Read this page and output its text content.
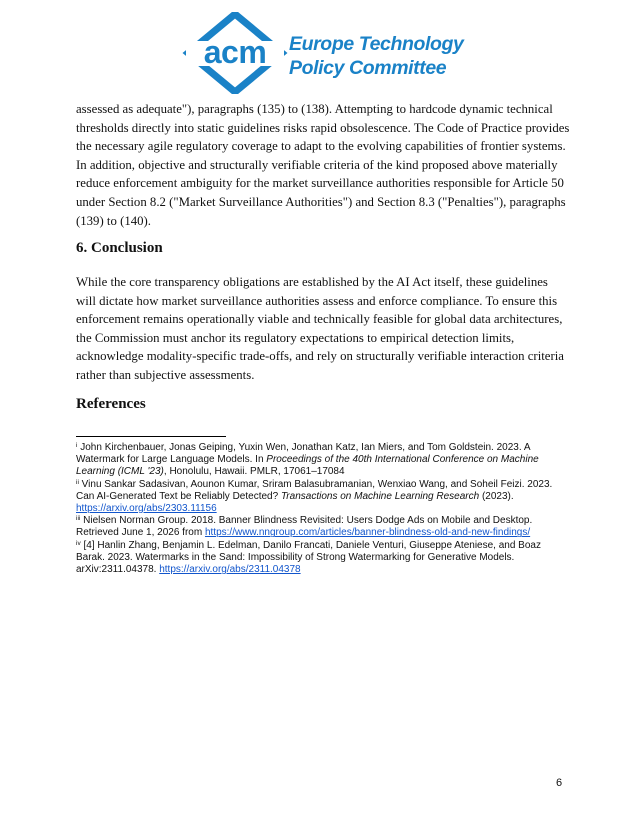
acm Europe Technology
Policy Committee

assessed as adequate"), paragraphs (135) to (138). Attempting to hardcode dynamic technical thresholds directly into static guidelines risks rapid obsolescence. The Code of Practice provides the necessary agile regulatory coverage to adapt to the evolving capabilities of frontier systems. In addition, objective and structurally verifiable criteria of the kind proposed above materially reduce enforcement ambiguity for the market surveillance authorities responsible for Article 50 under Section 8.2 ("Market Surveillance Authorities") and Section 8.3 ("Penalties"), paragraphs (139) to (140).

6. Conclusion

While the core transparency obligations are established by the AI Act itself, these guidelines will dictate how market surveillance authorities assess and enforce compliance. To ensure this enforcement remains operationally viable and technically feasible for global data architectures, the Commission must anchor its regulatory expectations to empirical detection limits, acknowledge modality-specific trade-offs, and rely on structurally verifiable interaction criteria rather than subjective assessments.

References

$^i$ John Kirchenbauer, Jonas Geiping, Yuxin Wen, Jonathan Katz, Ian Miers, and Tom Goldstein. 2023. A Watermark for Large Language Models. In Proceedings of the 40th International Conference on Machine Learning (ICML '23), Honolulu, Hawaii. PMLR, 17061–17084

$^{ii}$ Vinu Sankar Sadasivan, Aounon Kumar, Sriram Balasubramanian, Wenxiao Wang, and Soheil Feizi. 2023. Can AI-Generated Text be Reliably Detected? Transactions on Machine Learning Research (2023). https://arxiv.org/abs/2303.11156

$^{iii}$ Nielsen Norman Group. 2018. Banner Blindness Revisited: Users Dodge Ads on Mobile and Desktop. Retrieved June 1, 2026 from https://www.nngroup.com/articles/banner-blindness-old-and-new-findings/

$^{iv}$ [4] Hanlin Zhang, Benjamin L. Edelman, Danilo Francati, Daniele Venturi, Giuseppe Ateniese, and Boaz Barak. 2023. Watermarks in the Sand: Impossibility of Strong Watermarking for Generative Models. arXiv:2311.04378. https://arxiv.org/abs/2311.04378

6
